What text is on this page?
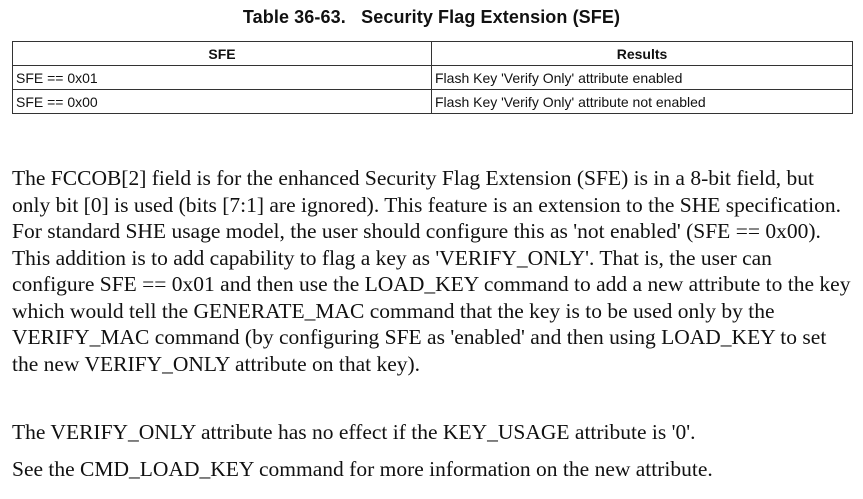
Table 36-63.   Security Flag Extension (SFE)
SFE	Results
SFE == 0x01	Flash Key 'Verify Only' attribute enabled
SFE == 0x00	Flash Key 'Verify Only' attribute not enabled

The FCCOB[2] field is for the enhanced Security Flag Extension (SFE) is in a 8-bit field, but only bit [0] is used (bits [7:1] are ignored). This feature is an extension to the SHE specification. For standard SHE usage model, the user should configure this as 'not enabled' (SFE == 0x00). This addition is to add capability to flag a key as 'VERIFY_ONLY'. That is, the user can configure SFE == 0x01 and then use the LOAD_KEY command to add a new attribute to the key which would tell the GENERATE_MAC command that the key is to be used only by the VERIFY_MAC command (by configuring SFE as 'enabled' and then using LOAD_KEY to set the new VERIFY_ONLY attribute on that key).

The VERIFY_ONLY attribute has no effect if the KEY_USAGE attribute is '0'.

See the CMD_LOAD_KEY command for more information on the new attribute.
